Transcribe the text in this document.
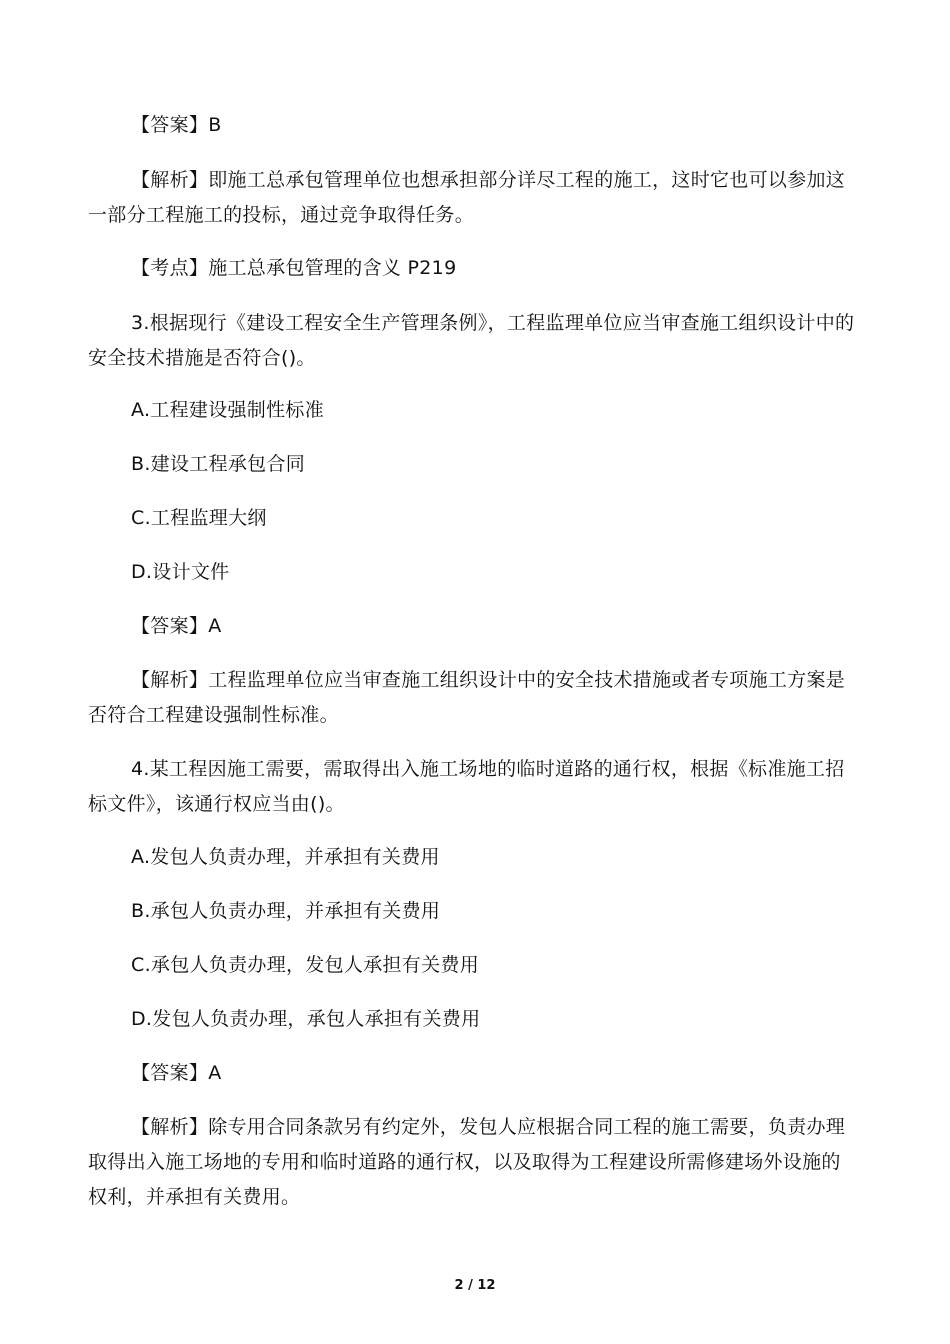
【答案】B
【解析】即施工总承包管理单位也想承担部分详尽工程的施工，这时它也可以参加这一部分工程施工的投标，通过竞争取得任务。
【考点】施工总承包管理的含义 P219
3.根据现行《建设工程安全生产管理条例》，工程监理单位应当审查施工组织设计中的安全技术措施是否符合()。
A.工程建设强制性标准
B.建设工程承包合同
C.工程监理大纲
D.设计文件
【答案】A
【解析】工程监理单位应当审查施工组织设计中的安全技术措施或者专项施工方案是否符合工程建设强制性标准。
4.某工程因施工需要，需取得出入施工场地的临时道路的通行权，根据《标准施工招标文件》，该通行权应当由()。
A.发包人负责办理，并承担有关费用
B.承包人负责办理，并承担有关费用
C.承包人负责办理，发包人承担有关费用
D.发包人负责办理，承包人承担有关费用
【答案】A
【解析】除专用合同条款另有约定外，发包人应根据合同工程的施工需要，负责办理取得出入施工场地的专用和临时道路的通行权，以及取得为工程建设所需修建场外设施的权利，并承担有关费用。
2 / 12
